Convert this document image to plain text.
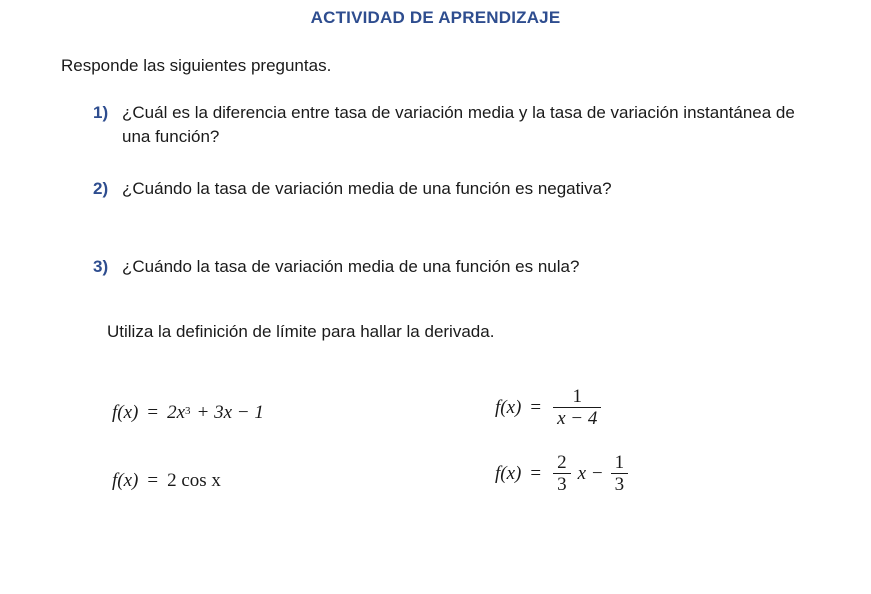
ACTIVIDAD DE APRENDIZAJE
Responde las siguientes preguntas.
1) ¿Cuál es la diferencia entre tasa de variación media y la tasa de variación instantánea de una función?
2) ¿Cuándo la tasa de variación media de una función es negativa?
3) ¿Cuándo la tasa de variación media de una función es nula?
Utiliza la definición de límite para hallar la derivada.
$f(x) = 2x^3 + 3x - 1$	$f(x) = \frac{1}{x - 4}$
f(x) = 2 cos x	$f(x) = \frac{2}{3}$ $x - \frac{1}{3}$
